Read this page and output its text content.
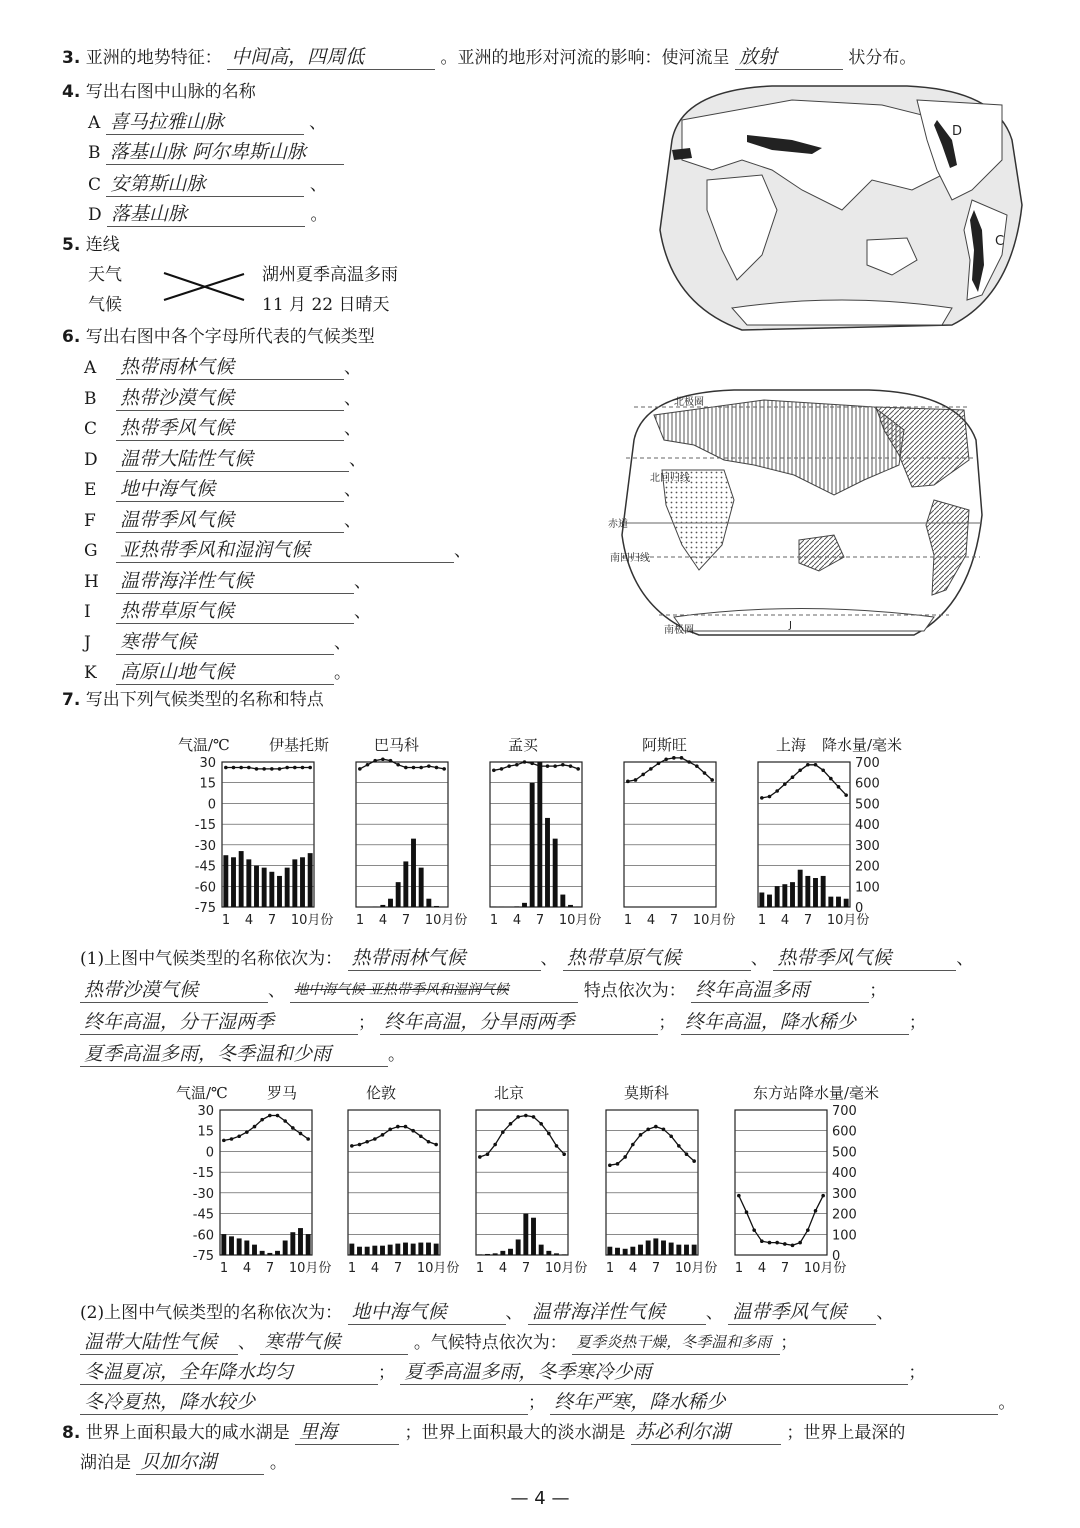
3. 亚洲的地势特征： 中间高，四周低	。亚洲的地形对河流的影响：使河流呈 放射	状分布。
4. 写出右图中山脉的名称
A 喜马拉雅山脉	、
B 落基山脉 阿尔卑斯山脉
C 安第斯山脉	、
D 落基山脉	。
5. 连线
天气
气候
湖州夏季高温多雨
11 月 22 日晴天
6. 写出右图中各个字母所代表的气候类型
A 热带雨林气候	、
B 热带沙漠气候	、
C 热带季风气候	、
D 温带大陆性气候	、
E 地中海气候	、
F 温带季风气候	、
G 亚热带季风和湿润气候	、
H 温带海洋性气候	、
I 热带草原气候	、
J 寒带气候	、
K 高原山地气候	。
D
C
北极圈
北回归线
赤道
南回归线
南极圈	J
7. 写出下列气候类型的名称和特点
1 4 7 10月份
30
15
0
-15
-30
-45
-60
-75
伊基托斯
气温/℃
1 4 7 10月份
巴马科
1 4 7 10月份
孟买
1 4 7 10月份
阿斯旺
1 4 7 10月份
700
600
500
400
300
200
100
0
上海 降水量/毫米
1 4 7 10月份
30
15
0
-15
-30
-45
-60
-75
罗马
气温/℃
1 4 7 10月份
伦敦
1 4 7 10月份
北京
1 4 7 10月份
莫斯科
1 4 7 10月份
700
600
500
400
300
200
100
0
东方站 降水量/毫米
(1)上图中气候类型的名称依次为： 热带雨林气候	、 热带草原气候	、 热带季风气候	、
热带沙漠气候	、 地中海气候 亚热带季风和湿润气候	特点依次为： 终年高温多雨	；
终年高温，分干湿两季	； 终年高温，分旱雨两季	； 终年高温，降水稀少	；
夏季高温多雨，冬季温和少雨	。
(2)上图中气候类型的名称依次为： 地中海气候	、 温带海洋性气候 、 温带季风气候 、
温带大陆性气候 、 寒带气候	。气候特点依次为： 夏季炎热干燥，冬季温和多雨 ；
冬温夏凉，全年降水均匀	； 夏季高温多雨，冬季寒冷少雨	；
冬冷夏热，降水较少	； 终年严寒，降水稀少	。
8. 世界上面积最大的咸水湖是 里海	；世界上面积最大的淡水湖是 苏必利尔湖	；世界上最深的
湖泊是 贝加尔湖	。
— 4 —
